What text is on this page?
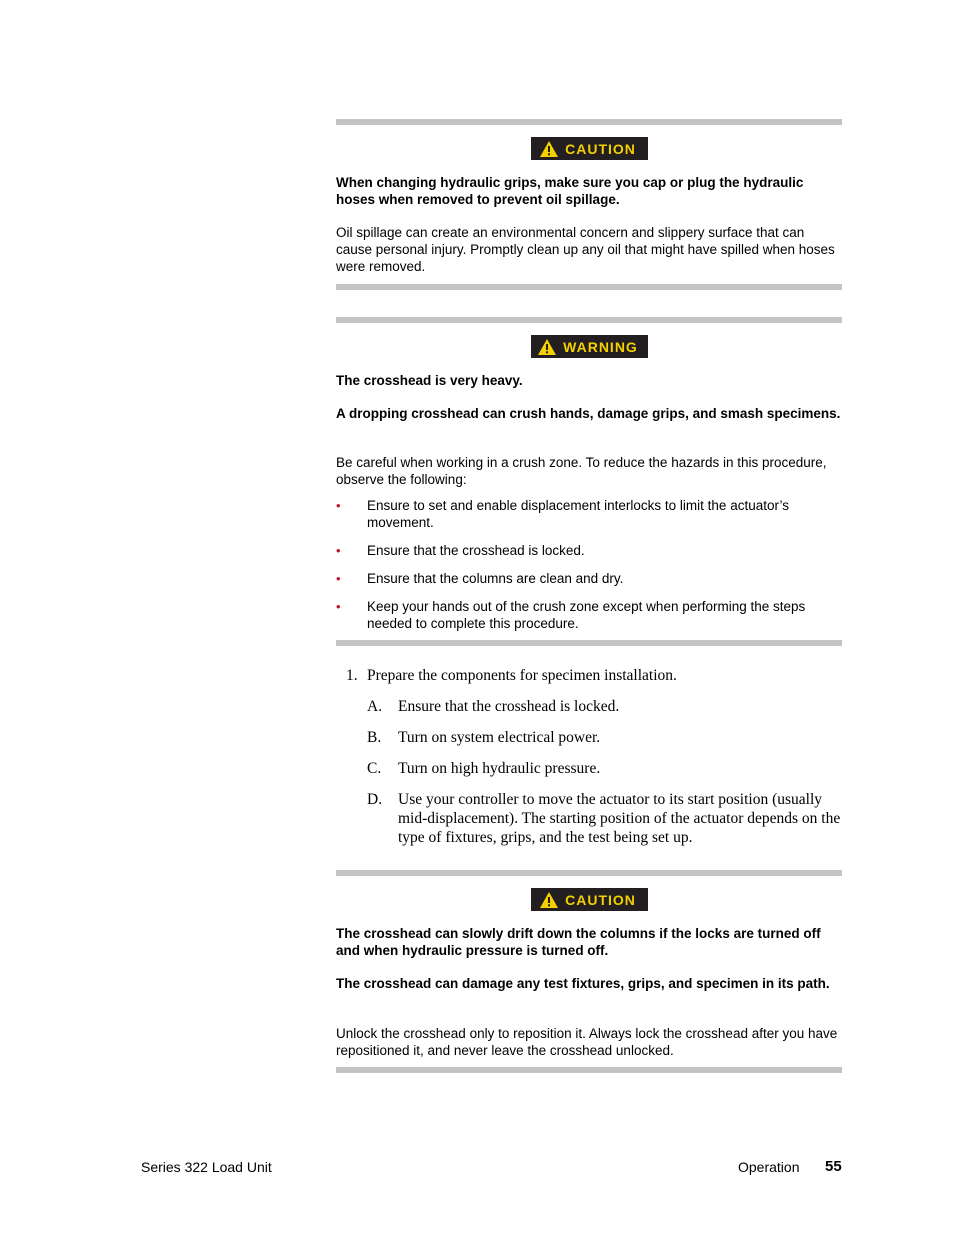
CAUTION

When changing hydraulic grips, make sure you cap or plug the hydraulic hoses when removed to prevent oil spillage.

Oil spillage can create an environmental concern and slippery surface that can cause personal injury. Promptly clean up any oil that might have spilled when hoses were removed.

WARNING

The crosshead is very heavy.

A dropping crosshead can crush hands, damage grips, and smash specimens.

Be careful when working in a crush zone. To reduce the hazards in this procedure, observe the following:

• Ensure to set and enable displacement interlocks to limit the actuator’s movement.
• Ensure that the crosshead is locked.
• Ensure that the columns are clean and dry.
• Keep your hands out of the crush zone except when performing the steps needed to complete this procedure.
1. Prepare the components for specimen installation.
A. Ensure that the crosshead is locked.
B. Turn on system electrical power.
C. Turn on high hydraulic pressure.
D. Use your controller to move the actuator to its start position (usually mid-displacement). The starting position of the actuator depends on the type of fixtures, grips, and the test being set up.
CAUTION

The crosshead can slowly drift down the columns if the locks are turned off and when hydraulic pressure is turned off.

The crosshead can damage any test fixtures, grips, and specimen in its path.

Unlock the crosshead only to reposition it. Always lock the crosshead after you have repositioned it, and never leave the crosshead unlocked.

Series 322 Load Unit	Operation 55
